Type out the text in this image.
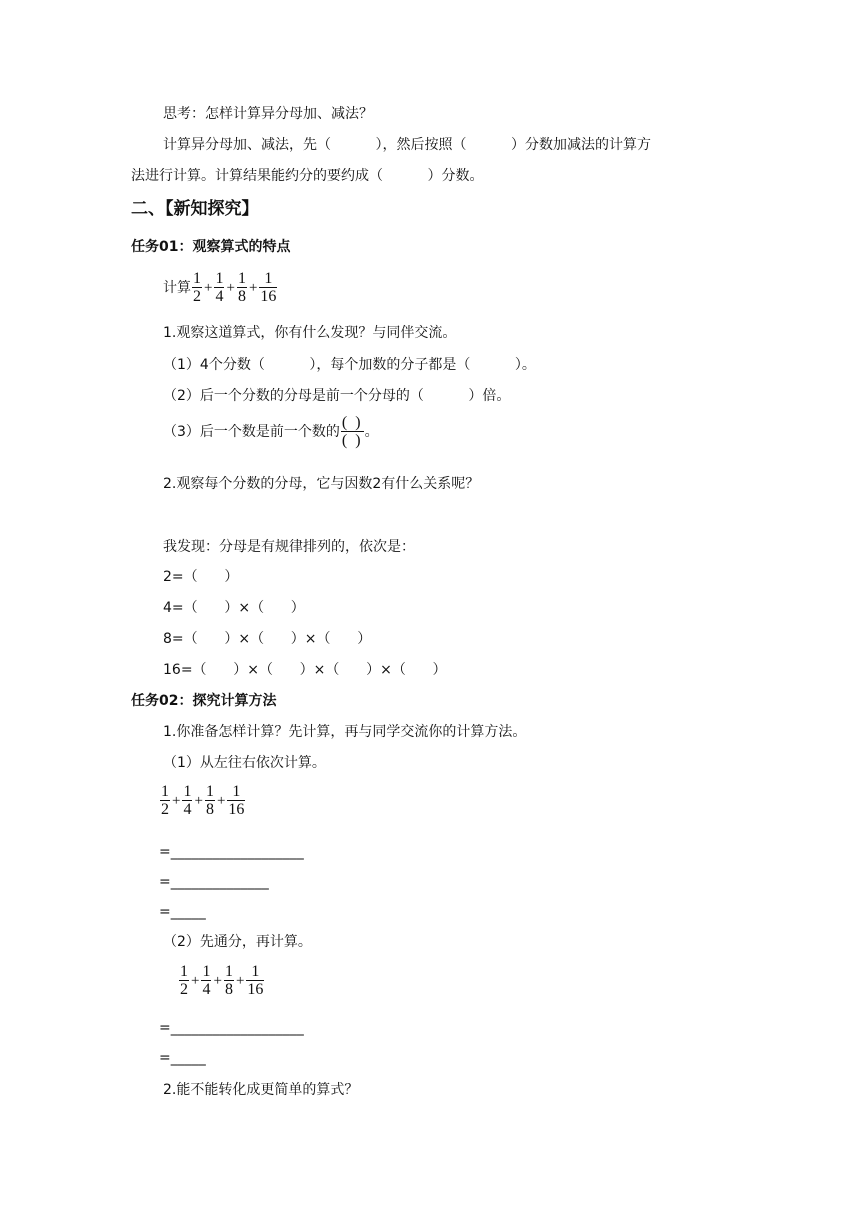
思考：怎样计算异分母加、减法？
计算异分母加、减法，先（          ），然后按照（          ）分数加减法的计算方
法进行计算。计算结果能约分的要约成（          ）分数。
二、【新知探究】
任务01：观察算式的特点
计算 $\frac{1}{2} + \frac{1}{4} + \frac{1}{8} + \frac{1}{16}$
1.观察这道算式，你有什么发现？与同伴交流。
（1）4个分数（          ），每个加数的分子都是（          ）。
（2）后一个分数的分母是前一个分母的（          ）倍。
（3）后一个数是前一个数的 $\frac{( )}{( )}$ 。
2.观察每个分数的分母，它与因数2有什么关系呢？
我发现：分母是有规律排列的，依次是：
2=（      ）
4=（      ）×（      ）
8=（      ）×（      ）×（      ）
16=（      ）×（      ）×（      ）×（      ）
任务02：探究计算方法
1.你准备怎样计算？先计算，再与同学交流你的计算方法。
（1）从左往右依次计算。
$\frac{1}{2} + \frac{1}{4} + \frac{1}{8} + \frac{1}{16}$
=___________________
=______________
=_____
（2）先通分，再计算。
$\frac{1}{2} + \frac{1}{4} + \frac{1}{8} + \frac{1}{16}$
=___________________
=_____
2.能不能转化成更简单的算式？
